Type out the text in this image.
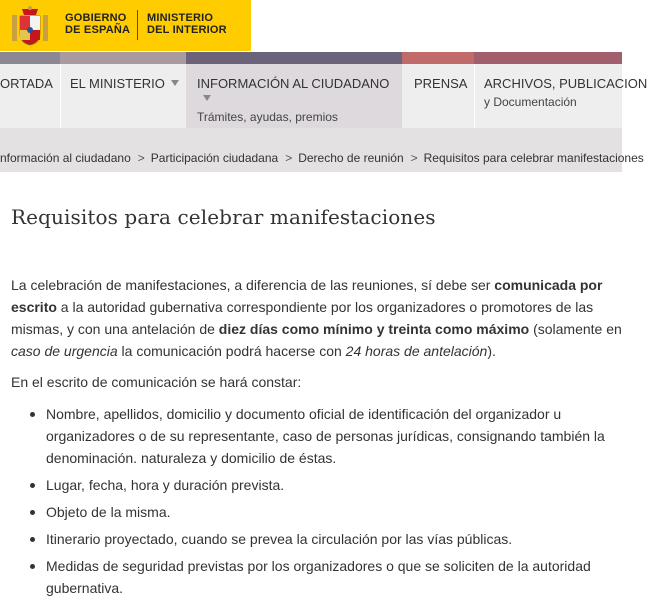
GOBIERNO
DE ESPAÑA
MINISTERIO
DEL INTERIOR
ORTADA	EL MINISTERIO	INFORMACIÓN AL CIUDADANO
Trámites, ayudas, premios
PRENSA	ARCHIVOS, PUBLICACION
y Documentación
nformación al ciudadano > Participación ciudadana > Derecho de reunión > Requisitos para celebrar manifestaciones
Requisitos para celebrar manifestaciones

La celebración de manifestaciones, a diferencia de las reuniones, sí debe ser comunicada por escrito a la autoridad gubernativa correspondiente por los organizadores o promotores de las mismas, y con una antelación de diez días como mínimo y treinta como máximo (solamente en caso de urgencia la comunicación podrá hacerse con 24 horas de antelación).

En el escrito de comunicación se hará constar:

Nombre, apellidos, domicilio y documento oficial de identificación del organizador u organizadores o de su representante, caso de personas jurídicas, consignando también la denominación. naturaleza y domicilio de éstas.
Lugar, fecha, hora y duración prevista.
Objeto de la misma.
Itinerario proyectado, cuando se prevea la circulación por las vías públicas.
Medidas de seguridad previstas por los organizadores o que se soliciten de la autoridad gubernativa.
